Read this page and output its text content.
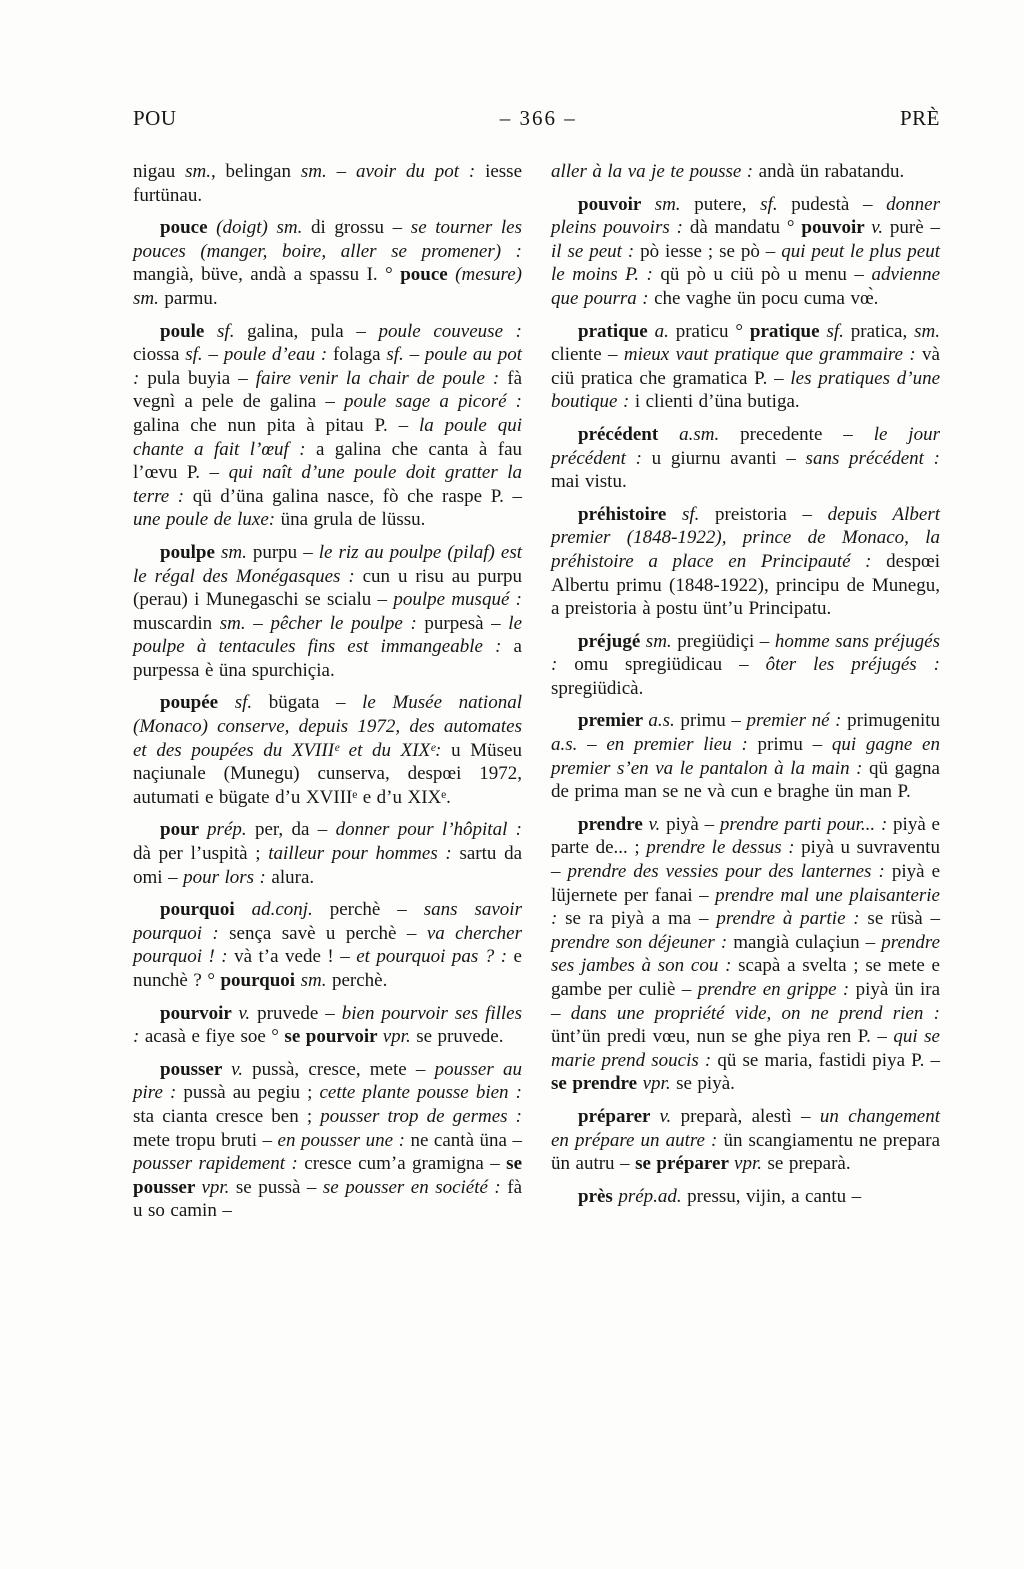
POU	– 366 –	PRÈ

nigau sm., belingan sm. – avoir du pot : iesse furtünau.

pouce (doigt) sm. di grossu – se tourner les pouces (manger, boire, aller se promener) : mangià, büve, andà a spassu I. ° pouce (mesure) sm. parmu.

poule sf. galina, pula – poule couveuse : ciossa sf. – poule d’eau : folaga sf. – poule au pot : pula buyia – faire venir la chair de poule : fà vegnì a pele de galina – poule sage a picoré : galina che nun pita à pitau P. – la poule qui chante a fait l’œuf : a galina che canta à fau l’œvu P. – qui naît d’une poule doit gratter la terre : qü d’üna galina nasce, fò che raspe P. – une poule de luxe: üna grula de lüssu.

poulpe sm. purpu – le riz au poulpe (pilaf) est le régal des Monégasques : cun u risu au purpu (perau) i Munegaschi se scialu – poulpe musqué : muscardin sm. – pêcher le poulpe : purpesà – le poulpe à tentacules fins est immangeable : a purpessa è üna spurchiçia.

poupée sf. bügata – le Musée national (Monaco) conserve, depuis 1972, des automates et des poupées du XVIIIᵉ et du XIXᵉ: u Müseu naçiunale (Munegu) cunserva, despœi 1972, autumati e bügate d’u XVIIIᵉ e d’u XIXᵉ.

pour prép. per, da – donner pour l’hôpital : dà per l’uspità ; tailleur pour hommes : sartu da omi – pour lors : alura.

pourquoi ad.conj. perchè – sans savoir pourquoi : sença savè u perchè – va chercher pourquoi ! : và t’a vede ! – et pourquoi pas ? : e nunchè ? ° pourquoi sm. perchè.

pourvoir v. pruvede – bien pourvoir ses filles : acasà e fiye soe ° se pourvoir vpr. se pruvede.

pousser v. pussà, cresce, mete – pousser au pire : pussà au pegiu ; cette plante pousse bien : sta cianta cresce ben ; pousser trop de germes : mete tropu bruti – en pousser une : ne cantà üna – pousser rapidement : cresce cum’a gramigna – se pousser vpr. se pussà – se pousser en société : fà u so camin –

aller à la va je te pousse : andà ün rabatandu.

pouvoir sm. putere, sf. pudestà – donner pleins pouvoirs : dà mandatu ° pouvoir v. purè – il se peut : pò iesse ; se pò – qui peut le plus peut le moins P. : qü pò u ciü pò u menu – advienne que pourra : che vaghe ün pocu cuma vœ̀.

pratique a. praticu ° pratique sf. pratica, sm. cliente – mieux vaut pratique que grammaire : và ciü pratica che gramatica P. – les pratiques d’une boutique : i clienti d’üna butiga.

précédent a.sm. precedente – le jour précédent : u giurnu avanti – sans précédent : mai vistu.

préhistoire sf. preistoria – depuis Albert premier (1848-1922), prince de Monaco, la préhistoire a place en Principauté : despœi Albertu primu (1848-1922), principu de Munegu, a preistoria à postu ünt’u Principatu.

préjugé sm. pregiüdiçi – homme sans préjugés : omu spregiüdicau – ôter les préjugés : spregiüdicà.

premier a.s. primu – premier né : primugenitu a.s. – en premier lieu : primu – qui gagne en premier s’en va le pantalon à la main : qü gagna de prima man se ne và cun e braghe ün man P.

prendre v. piyà – prendre parti pour... : piyà e parte de... ; prendre le dessus : piyà u suvraventu – prendre des vessies pour des lanternes : piyà e lüjernete per fanai – prendre mal une plaisanterie : se ra piyà a ma – prendre à partie : se rüsà – prendre son déjeuner : mangià culaçiun – prendre ses jambes à son cou : scapà a svelta ; se mete e gambe per culiè – prendre en grippe : piyà ün ira – dans une propriété vide, on ne prend rien : ünt’ün predi vœu, nun se ghe piya ren P. – qui se marie prend soucis : qü se maria, fastidi piya P. – se prendre vpr. se piyà.

préparer v. preparà, alestì – un changement en prépare un autre : ün scangiamentu ne prepara ün autru – se préparer vpr. se preparà.

près prép.ad. pressu, vijin, a cantu –
